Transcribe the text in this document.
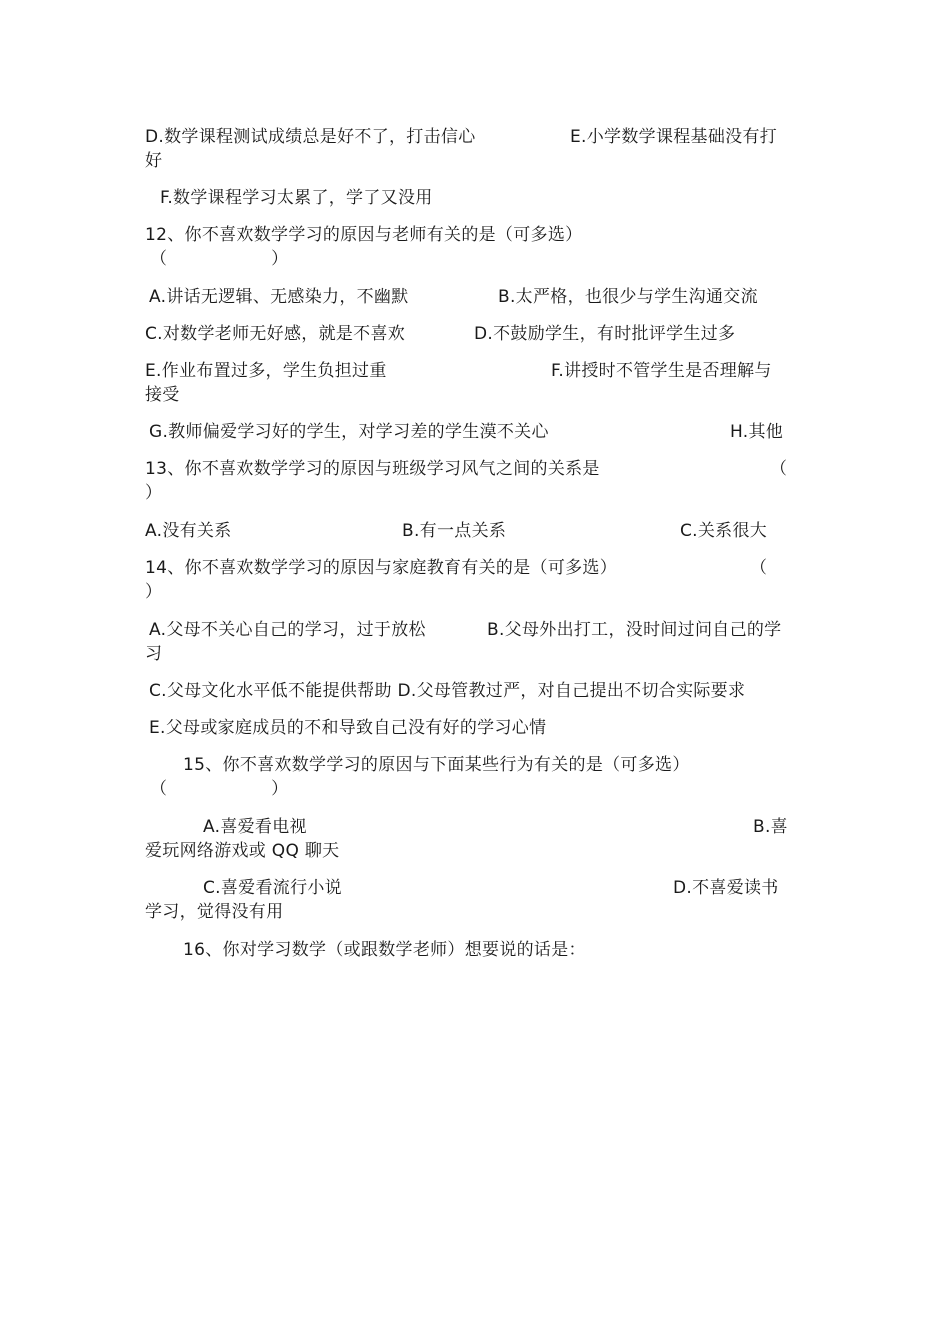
D.数学课程测试成绩总是好不了，打击信心	E.小学数学课程基础没有打
好
F.数学课程学习太累了，学了又没用
12、你不喜欢数学学习的原因与老师有关的是（可多选）
（　　　　　　）
A.讲话无逻辑、无感染力，不幽默	B.太严格，也很少与学生沟通交流
C.对数学老师无好感，就是不喜欢	D.不鼓励学生，有时批评学生过多
E.作业布置过多，学生负担过重	F.讲授时不管学生是否理解与
接受
G.教师偏爱学习好的学生，对学习差的学生漠不关心	H.其他
13、你不喜欢数学学习的原因与班级学习风气之间的关系是	（
）
A.没有关系	B.有一点关系	C.关系很大
14、你不喜欢数学学习的原因与家庭教育有关的是（可多选）	（
）
A.父母不关心自己的学习，过于放松	B.父母外出打工，没时间过问自己的学
习
C.父母文化水平低不能提供帮助 D.父母管教过严，对自己提出不切合实际要求
E.父母或家庭成员的不和导致自己没有好的学习心情
15、你不喜欢数学学习的原因与下面某些行为有关的是（可多选）
（　　　　　　）
A.喜爱看电视	B.喜
爱玩网络游戏或 QQ 聊天
C.喜爱看流行小说	D.不喜爱读书
学习，觉得没有用
16、你对学习数学（或跟数学老师）想要说的话是：
